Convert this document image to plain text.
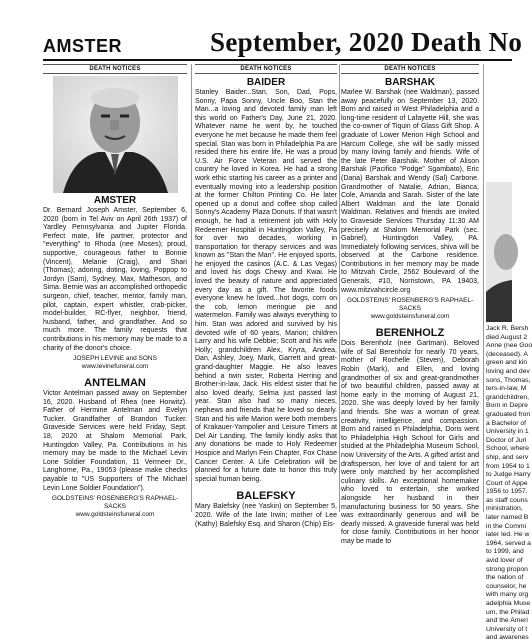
AMSTER	September, 2020 Death No
DEATH NOTICES
AMSTER

Dr. Bernard Joseph Amster, September 6, 2020 (born in Tel Aviv on April 26th 1937) of Yardley Pennsylvania and Jupiter Florida. Perfect mate, life partner, protector and "everything" to Rhoda (nee Moses); proud, supportive, courageous father to Bonnie (Vincent), Melanie (Craig), and Shari (Thomas); adoring, doting, loving, Poppop to Jordyn (Sam), Sydney, Max, Matheson, and Sima. Bernie was an accomplished orthopedic surgeon, chief, teacher, mentor, family man, pilot, captain, expert whistler, crab-picker, model-builder, RC-flyer, neighbor, friend, husband, father, and grandfather. And so much more. The family requests that contributions in his memory may be made to a charity of the donor's choice.

JOSEPH LEVINE and SONS
www.levinefuneral.com
ANTELMAN

Victor Antelman passed away on September 16, 2020. Husband of Rhea (nee Horwitz). Father of Hermine Antelman and Evelyn Tucker. Grandfather of Brandon Tucker. Graveside Services were held Friday, Sept. 18, 2020 at Shalom Memorial Park, Huntingdon Valley, Pa. Contributions in his memory may be made to the Michael Levin Lone Soldier Foundation, 11 Vermeer Dr., Langhorne, Pa., 19053 (please make checks payable to "US Supporters of The Michael Levin Lone Soldier Foundation").

GOLDSTEINS' ROSENBERG'S RAPHAEL-SACKS
www.goldsteinsfuneral.com
DEATH NOTICES
BAIDER

Stanley Baider...Stan, Son, Dad, Pops, Sonny, Papa Sonny, Uncle Boo, Stan the Man...a loving and devoted family man left this world on Father's Day, June 21, 2020. Whatever name he went by, he touched everyone he met because he made them feel special. Stan was born in Philadelphia Pa are resided there his entire life. He was a proud U.S. Air Force Veteran and served the country he loved in Korea. He had a strong work ethic starting his career as a printer and eventually moving into a leadership position at the former Chilton Printing Co. He later opened up a donut and coffee shop called Sonny's Academy Plaza Donuts. If that wasn't enough, he had a retirement job with Holy Redeemer Hospital in Huntingdon Valley, Pa for over two decades, working in transportation for therapy services and was known as "Stan the Man". He enjoyed sports, he enjoyed the casinos (A.C. & Las Vegas) and loved his dogs Chewy and Kwai. He loved the beauty of nature and appreciated every day as a gift. The favorite foods everyone knew he loved...hot dogs, corn on the cob, lemon meringue pie and watermelon. Family was always everything to him. Stan was adored and survived by his devoted wife of 60 years, Marion; children Larry and his wife Debbie; Scott and his wife Holly; grandchildren Alex, Kryra, Andrea, Dan, Ashley, Joey, Mark, Garrett and great-grand-daughter Maggie. He also leaves behind a twin sister, Roberta Herring and Brother-in-law, Jack. His eldest sister that he also loved dearly, Selma just passed last year. Stan also had so many nieces, nephews and friends that he loved so dearly. Stan and his wife Marion were both members of Krakauer-Yampolier and Leisure Timers at Del Air Landing. The family kindly asks that any donations be made to Holy Redeemer Hospice and Marlyn Fein Chapter, Fox Chase Cancer Center. A Life Celebration will be planned for a future date to honor this truly special human being.

BALEFSKY

Mary Balefsky (nee Yaskin) on September 5, 2020. Wife of the late Irwin; mother of Lee (Kathy) Balefsky Esq. and Sharon (Chip) Eis-

DEATH NOTICES
BARSHAK

Marlee W. Barshak (nee Waldman), passed away peacefully on September 13, 2020. Born and raised in West Philadelphia and a long-time resident of Lafayette Hill, she was the co-owner of Tiquin of Glass Gift Shop. A graduate of Lower Merion High School and Harcum College, she will be sadly missed by many loving family and friends. Wife of the late Peter Barshak. Mother of Alison Barshak (Pacifico "Podge" Sgambato), Eric (Dana) Barshak and Wendy (Sal) Carbone. Grandmother of Natalie, Adrian, Bianca, Cole, Amanda and Sarah. Sister of the late Albert Waldman and the late Donald Waldman. Relatives and friends are invited to Graveside Services Thursday 11:30 AM precisely at Shalom Memorial Park (sec. Gabriel), Huntingdon Valley, PA. Immediately following services, shiva will be observed at the Carbone residence. Contributions in her memory may be made to Mitzvah Circle, 2562 Boulevard of the Generals, #10, Norristown, PA 19403, www.mitzvahcircle.org

GOLDSTEINS' ROSENBERG'S RAPHAEL-SACKS
www.goldsteinsfuneral.com
BERENHOLZ

Dois Berenholz (nee Gartman). Beloved wife of Sal Berenholz for nearly 70 years, mother of Rochelle (Steven), Deborah Robin (Mark), and Ellen, and loving grandmother of six and great-grandmother of two beautiful children, passed away at home early in the morning of August 21, 2020. She was deeply loved by her family and friends. She was a woman of great creativity, intelligence, and compassion. Born and raised in Philadelphia, Doris went to Philadelphia High School for Girls and studied at the Philadelphia Museum School, now University of the Arts. A gifted artist and draftsperson, her love of and talent for art were only matched by her accomplished culinary skills. An exceptional homemaker who loved to entertain, she worked alongside her husband in their manufacturing business for 50 years. She was extraordinarily generous and will be dearly missed. A graveside funeral was held for close family. Contributions in her honor may be made to

Jack R. Bersh

died August 2

Anne (nee Goo

(deceased). A

green and kin

loving and dev

sons, Thomas,

ters-in-law, M

grandchildren,

Born in Depre

graduated fron

a Bachelor of

University in 1

Doctor of Juri

School, where

ship, and serv

from 1954 to 1

to Judge Harry

Court of Appe

1956 to 1957.

as staff couns

ministration,

later named B

in the Commi

later led. He w

1964, served a

to 1999, and

avid lover of

strong propon

the nation of

counselor, he

with many org

adelphia Muse

um, the Philad

and the Ameri

University of t

and awarenes
